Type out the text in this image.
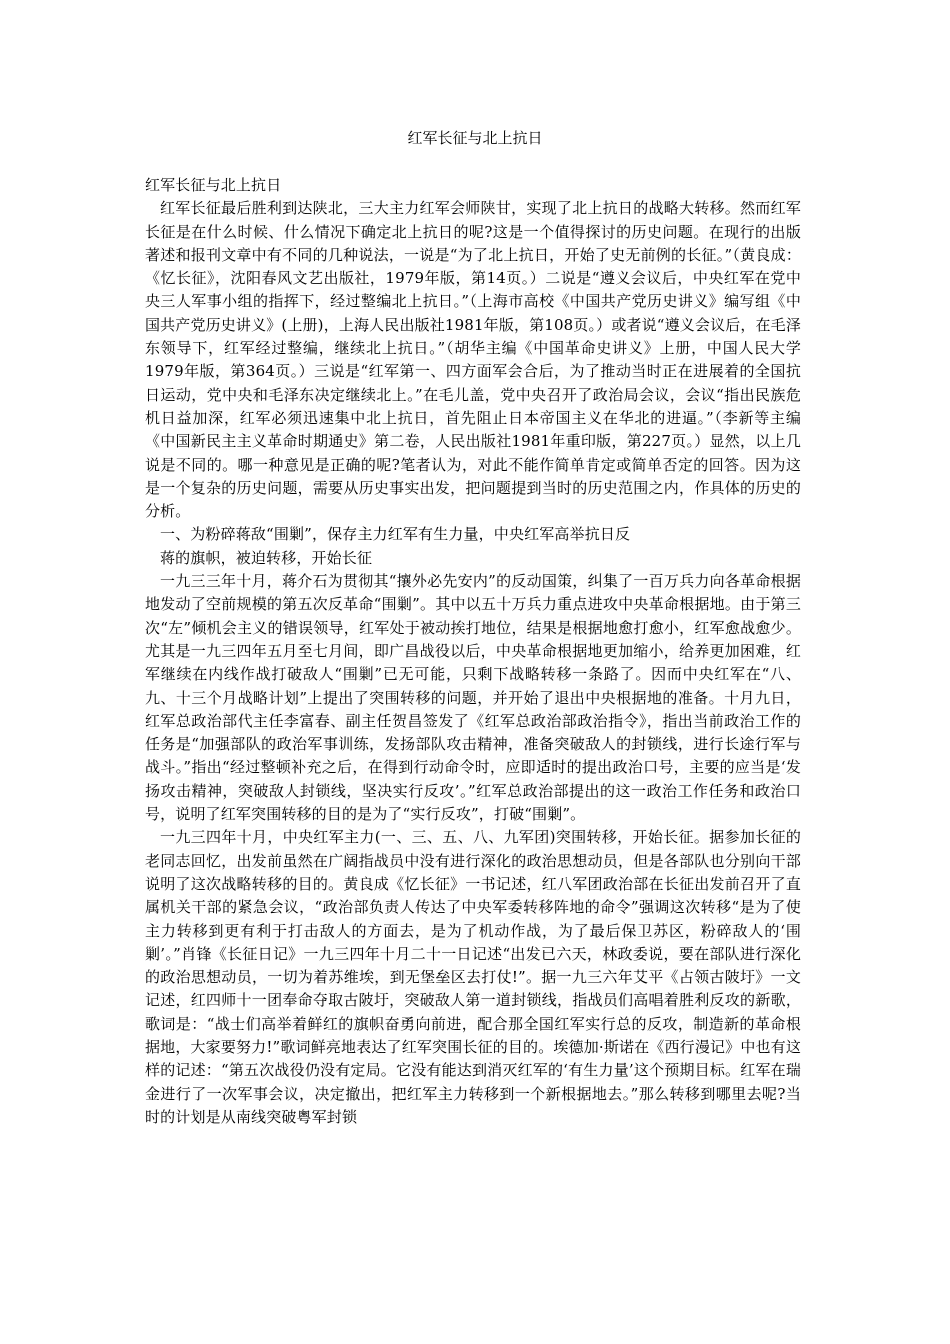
红军长征与北上抗日

红军长征与北上抗日

红军长征最后胜利到达陕北，三大主力红军会师陕甘，实现了北上抗日的战略大转移。然而红军长征是在什么时候、什么情况下确定北上抗日的呢?这是一个值得探讨的历史问题。在现行的出版著述和报刊文章中有不同的几种说法，一说是“为了北上抗日，开始了史无前例的长征。”（黄良成：《忆长征》，沈阳春风文艺出版社，1979年版，第14页。）二说是“遵义会议后，中央红军在党中央三人军事小组的指挥下，经过整编北上抗日。”（上海市高校《中国共产党历史讲义》编写组《中国共产党历史讲义》(上册)，上海人民出版社1981年版，第108页。）或者说“遵义会议后，在毛泽东领导下，红军经过整编，继续北上抗日。”（胡华主编《中国革命史讲义》上册，中国人民大学1979年版，第364页。）三说是“红军第一、四方面军会合后，为了推动当时正在进展着的全国抗日运动，党中央和毛泽东决定继续北上。”在毛儿盖，党中央召开了政治局会议，会议“指出民族危机日益加深，红军必须迅速集中北上抗日，首先阻止日本帝国主义在华北的进逼。”（李新等主编《中国新民主主义革命时期通史》第二卷，人民出版社1981年重印版，第227页。）显然，以上几说是不同的。哪一种意见是正确的呢?笔者认为，对此不能作简单肯定或简单否定的回答。因为这是一个复杂的历史问题，需要从历史事实出发，把问题提到当时的历史范围之内，作具体的历史的分析。

一、为粉碎蒋敌“围剿”，保存主力红军有生力量，中央红军高举抗日反

蒋的旗帜，被迫转移，开始长征

一九三三年十月，蒋介石为贯彻其“攘外必先安内”的反动国策，纠集了一百万兵力向各革命根据地发动了空前规模的第五次反革命“围剿”。其中以五十万兵力重点进攻中央革命根据地。由于第三次“左”倾机会主义的错误领导，红军处于被动挨打地位，结果是根据地愈打愈小，红军愈战愈少。尤其是一九三四年五月至七月间，即广昌战役以后，中央革命根据地更加缩小，给养更加困难，红军继续在内线作战打破敌人“围剿”已无可能，只剩下战略转移一条路了。因而中央红军在“八、九、十三个月战略计划”上提出了突围转移的问题，并开始了退出中央根据地的准备。十月九日，红军总政治部代主任李富春、副主任贺昌签发了《红军总政治部政治指令》，指出当前政治工作的任务是“加强部队的政治军事训练，发扬部队攻击精神，准备突破敌人的封锁线，进行长途行军与战斗。”指出“经过整顿补充之后，在得到行动命令时，应即适时的提出政治口号，主要的应当是‘发扬攻击精神，突破敌人封锁线，坚决实行反攻’。”红军总政治部提出的这一政治工作任务和政治口号，说明了红军突围转移的目的是为了“实行反攻”，打破“围剿”。

一九三四年十月，中央红军主力(一、三、五、八、九军团)突围转移，开始长征。据参加长征的老同志回忆，出发前虽然在广阔指战员中没有进行深化的政治思想动员，但是各部队也分别向干部说明了这次战略转移的目的。黄良成《忆长征》一书记述，红八军团政治部在长征出发前召开了直属机关干部的紧急会议，“政治部负责人传达了中央军委转移阵地的命令”强调这次转移“是为了使主力转移到更有利于打击敌人的方面去，是为了机动作战，为了最后保卫苏区，粉碎敌人的‘围剿’。”肖锋《长征日记》一九三四年十月二十一日记述“出发已六天，林政委说，要在部队进行深化的政治思想动员，一切为着苏维埃，到无堡垒区去打仗!”。据一九三六年艾平《占领古陂圩》一文记述，红四师十一团奉命夺取古陂圩，突破敌人第一道封锁线，指战员们高唱着胜利反攻的新歌，歌词是：“战士们高举着鲜红的旗帜奋勇向前进，配合那全国红军实行总的反攻，制造新的革命根据地，大家要努力!”歌词鲜亮地表达了红军突围长征的目的。埃德加·斯诺在《西行漫记》中也有这样的记述：“第五次战役仍没有定局。它没有能达到消灭红军的‘有生力量’这个预期目标。红军在瑞金进行了一次军事会议，决定撤出，把红军主力转移到一个新根据地去。”那么转移到哪里去呢?当时的计划是从南线突破粤军封锁
